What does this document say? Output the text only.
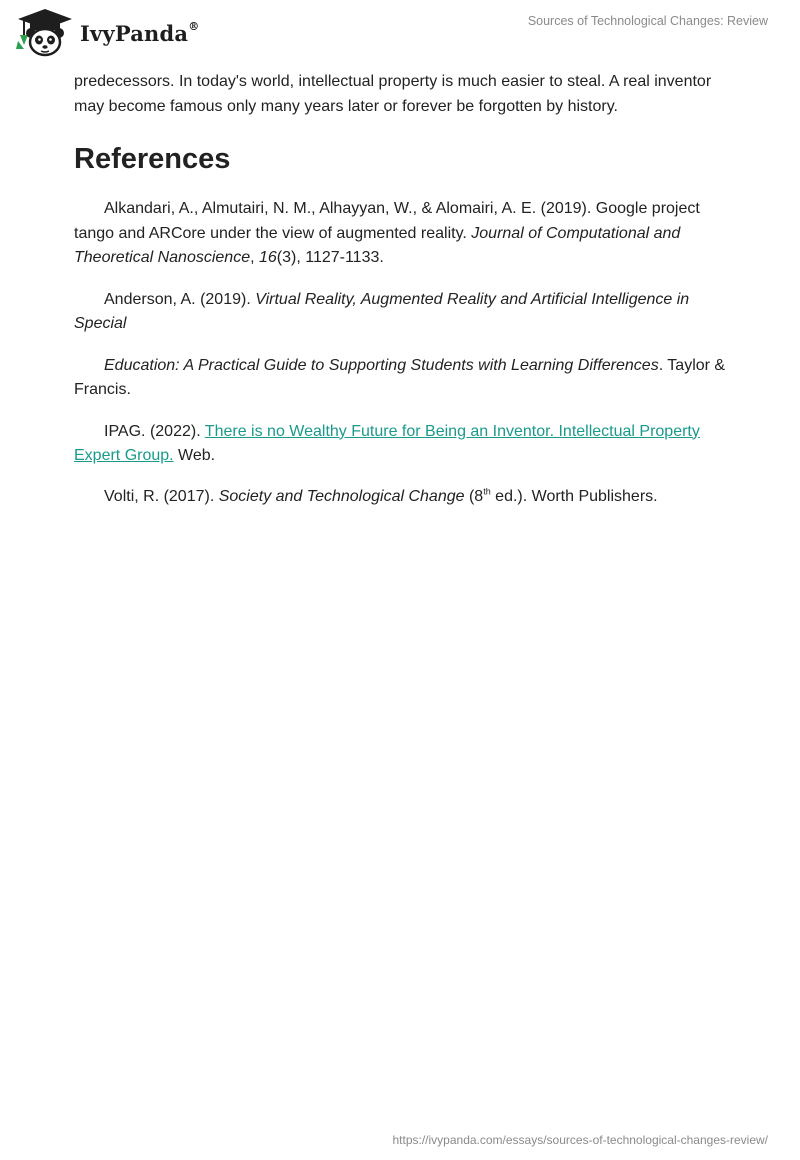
IvyPanda®	Sources of Technological Changes: Review

predecessors. In today's world, intellectual property is much easier to steal. A real inventor may become famous only many years later or forever be forgotten by history.

References

Alkandari, A., Almutairi, N. M., Alhayyan, W., & Alomairi, A. E. (2019). Google project tango and ARCore under the view of augmented reality. Journal of Computational and Theoretical Nanoscience, 16(3), 1127-1133.

Anderson, A. (2019). Virtual Reality, Augmented Reality and Artificial Intelligence in Special

Education: A Practical Guide to Supporting Students with Learning Differences. Taylor & Francis.

IPAG. (2022). There is no Wealthy Future for Being an Inventor. Intellectual Property Expert Group. Web.

Volti, R. (2017). Society and Technological Change (8th ed.). Worth Publishers.

https://ivypanda.com/essays/sources-of-technological-changes-review/
